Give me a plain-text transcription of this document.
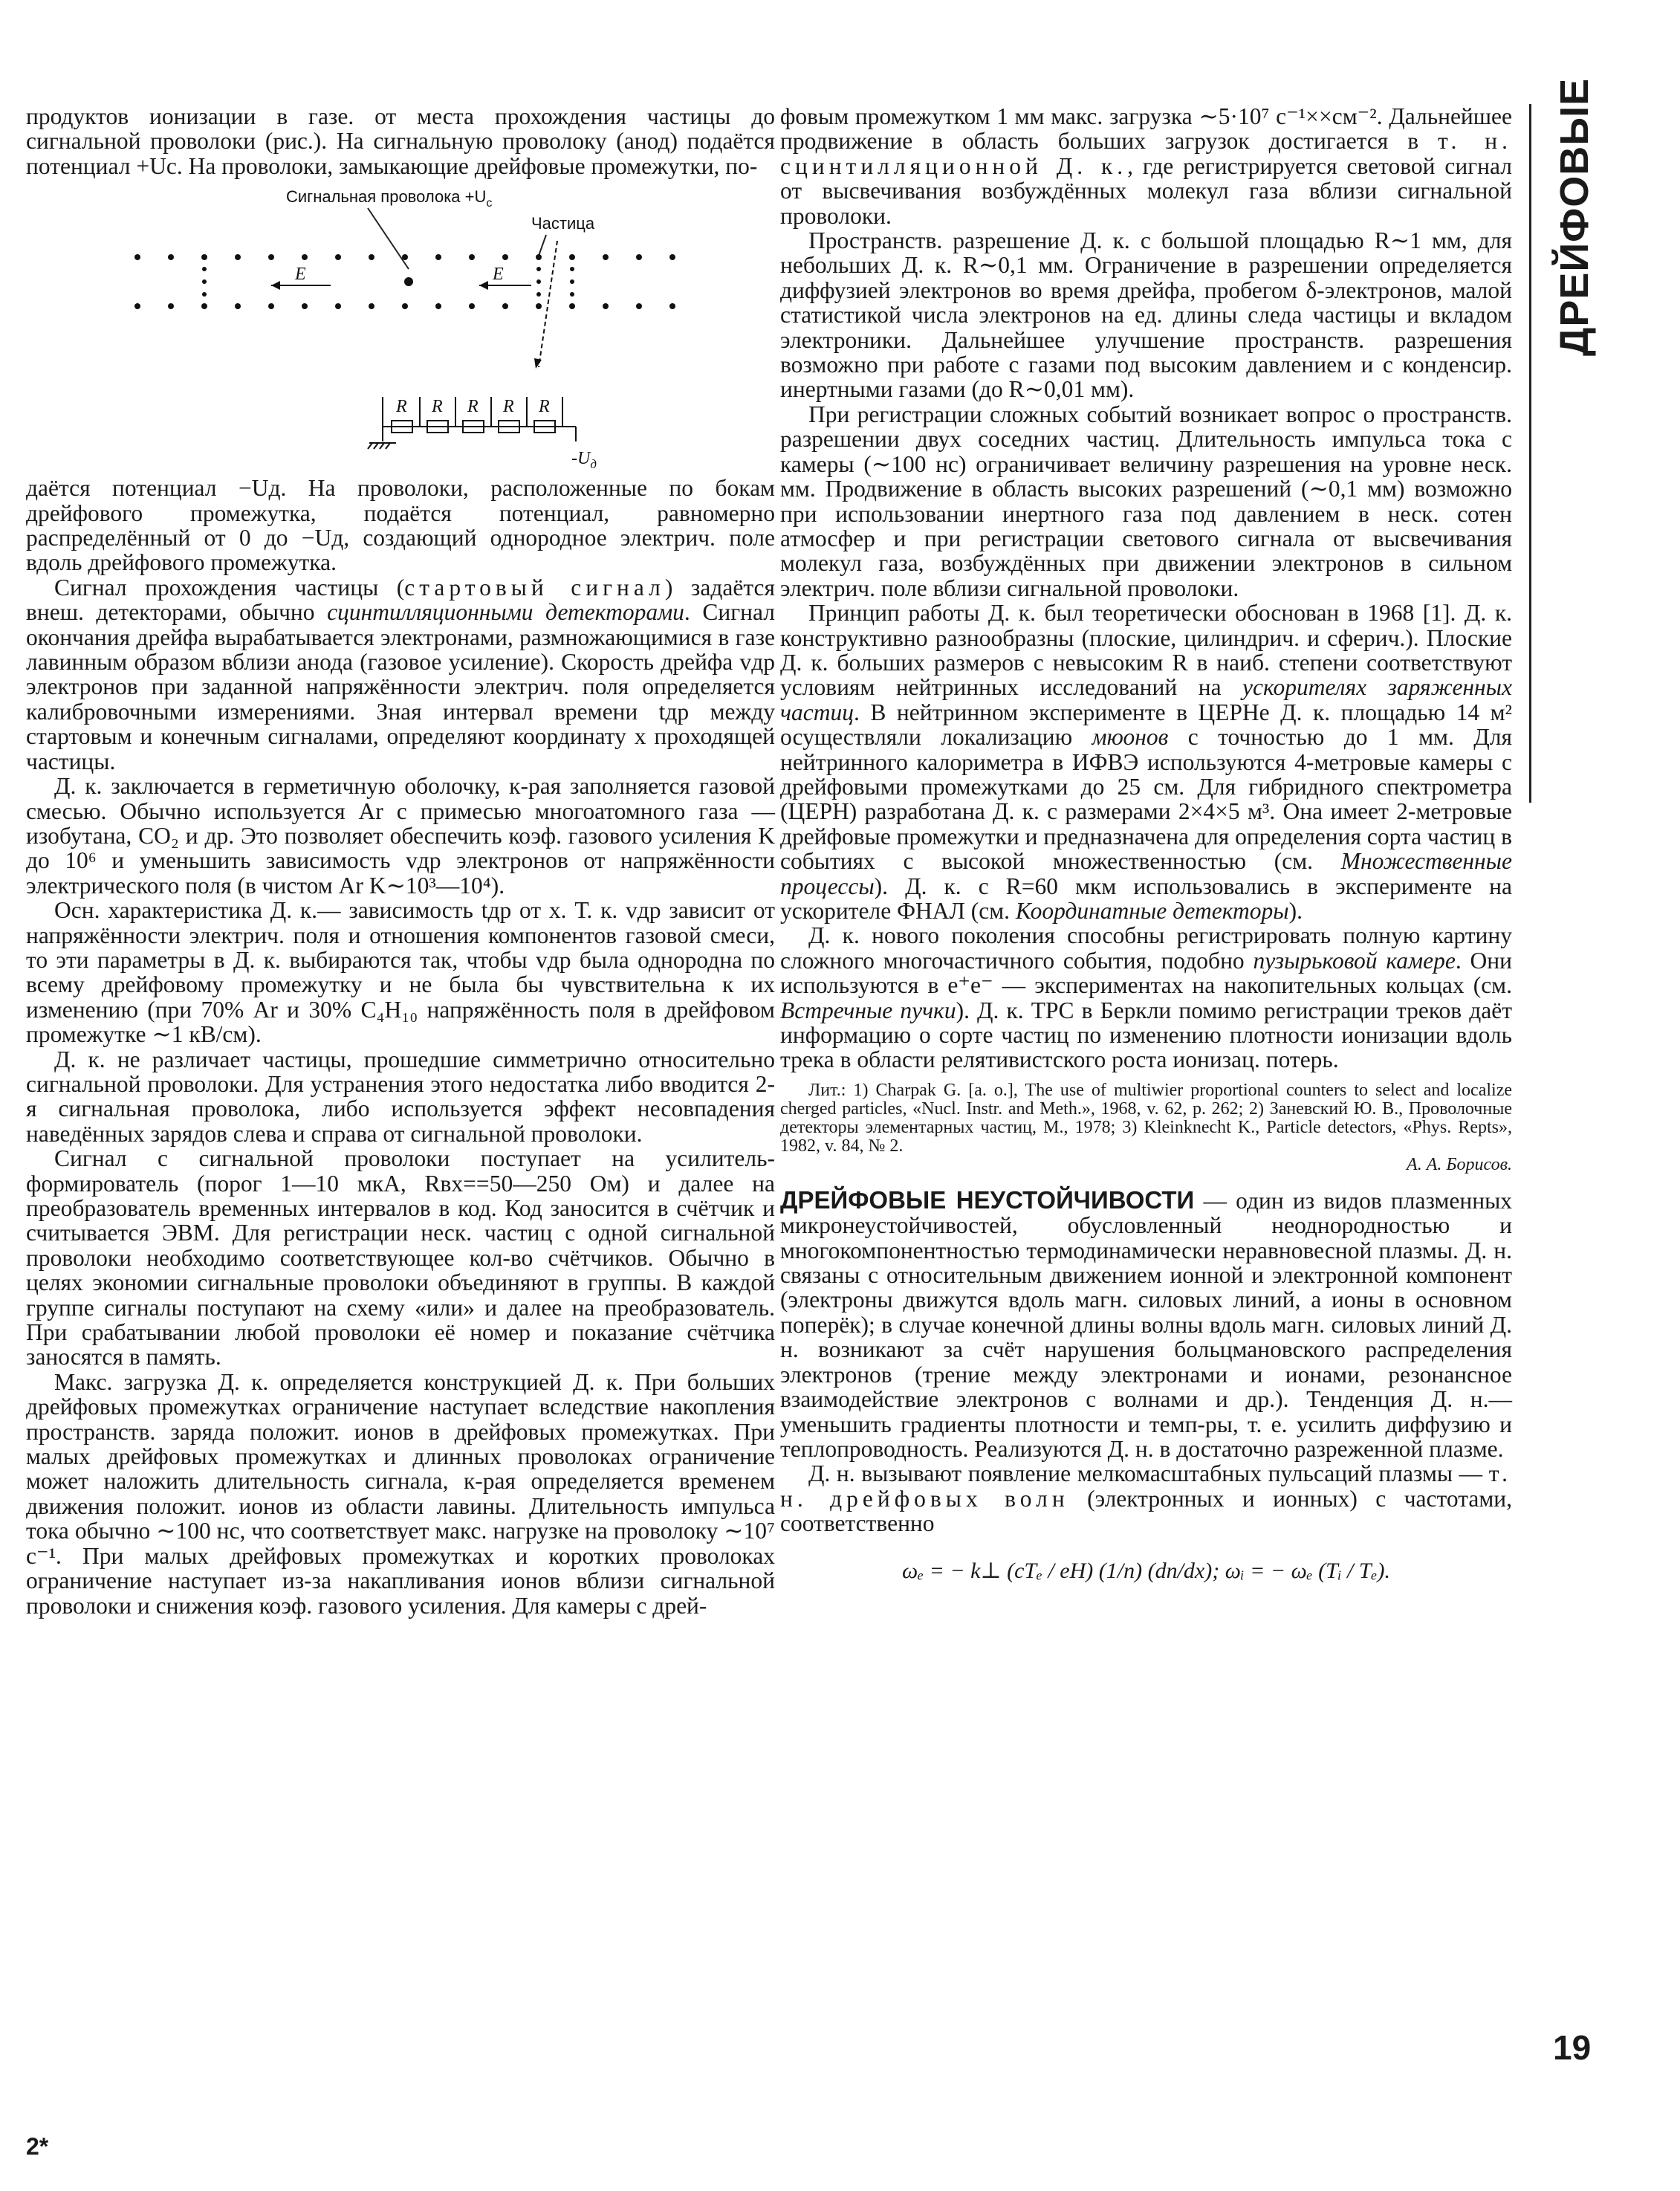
ДРЕЙФОВЫЕ

продуктов ионизации в газе. от места прохождения частицы до сигнальной проволоки (рис.). На сигнальную проволоку (анод) подаётся потенциал +Uс. На проволоки, замыкающие дрейфовые промежутки, по-

Сигнальная проволока $+U_c$
Частица
E	E
R R R R R
$-U_д$

даётся потенциал −Uд. На проволоки, расположенные по бокам дрейфового промежутка, подаётся потенциал, равномерно распределённый от 0 до −Uд, создающий однородное электрич. поле вдоль дрейфового промежутка.

Сигнал прохождения частицы (стартовый сигнал) задаётся внеш. детекторами, обычно сцинтилляционными детекторами. Сигнал окончания дрейфа вырабатывается электронами, размножающимися в газе лавинным образом вблизи анода (газовое усиление). Скорость дрейфа vдр электронов при заданной напряжённости электрич. поля определяется калибровочными измерениями. Зная интервал времени tдр между стартовым и конечным сигналами, определяют координату x проходящей частицы.

Д. к. заключается в герметичную оболочку, к-рая заполняется газовой смесью. Обычно используется Ar с примесью многоатомного газа — изобутана, CO₂ и др. Это позволяет обеспечить коэф. газового усиления K до 10⁶ и уменьшить зависимость vдр электронов от напряжённости электрического поля (в чистом Ar K∼10³—10⁴).

Осн. характеристика Д. к.— зависимость tдр от x. Т. к. vдр зависит от напряжённости электрич. поля и отношения компонентов газовой смеси, то эти параметры в Д. к. выбираются так, чтобы vдр была однородна по всему дрейфовому промежутку и не была бы чувствительна к их изменению (при 70% Ar и 30% C₄H₁₀ напряжённость поля в дрейфовом промежутке ∼1 кВ/см).

Д. к. не различает частицы, прошедшие симметрично относительно сигнальной проволоки. Для устранения этого недостатка либо вводится 2-я сигнальная проволока, либо используется эффект несовпадения наведённых зарядов слева и справа от сигнальной проволоки.

Сигнал с сигнальной проволоки поступает на усилитель-формирователь (порог 1—10 мкА, Rвх=​=50—250 Ом) и далее на преобразователь временных интервалов в код. Код заносится в счётчик и считывается ЭВМ. Для регистрации неск. частиц с одной сигнальной проволоки необходимо соответствующее кол-во счётчиков. Обычно в целях экономии сигнальные проволоки объединяют в группы. В каждой группе сигналы поступают на схему «или» и далее на преобразователь. При срабатывании любой проволоки её номер и показание счётчика заносятся в память.

Макс. загрузка Д. к. определяется конструкцией Д. к. При больших дрейфовых промежутках ограничение наступает вследствие накопления пространств. заряда положит. ионов в дрейфовых промежутках. При малых дрейфовых промежутках и длинных проволоках ограничение может наложить длительность сигнала, к-рая определяется временем движения положит. ионов из области лавины. Длительность импульса тока обычно ∼100 нс, что соответствует макс. нагрузке на проволоку ∼10⁷ с⁻¹. При малых дрейфовых промежутках и коротких проволоках ограничение наступает из-за накапливания ионов вблизи сигнальной проволоки и снижения коэф. газового усиления. Для камеры с дрей-

фовым промежутком 1 мм макс. загрузка ∼5·10⁷ с⁻¹××см⁻². Дальнейшее продвижение в область больших загрузок достигается в т. н. сцинтилляционной Д. к., где регистрируется световой сигнал от высвечивания возбуждённых молекул газа вблизи сигнальной проволоки.

Пространств. разрешение Д. к. с большой площадью R∼1 мм, для небольших Д. к. R∼0,1 мм. Ограничение в разрешении определяется диффузией электронов во время дрейфа, пробегом δ-электронов, малой статистикой числа электронов на ед. длины следа частицы и вкладом электроники. Дальнейшее улучшение пространств. разрешения возможно при работе с газами под высоким давлением и с конденсир. инертными газами (до R∼0,01 мм).

При регистрации сложных событий возникает вопрос о пространств. разрешении двух соседних частиц. Длительность импульса тока с камеры (∼100 нс) ограничивает величину разрешения на уровне неск. мм. Продвижение в область высоких разрешений (∼0,1 мм) возможно при использовании инертного газа под давлением в неск. сотен атмосфер и при регистрации светового сигнала от высвечивания молекул газа, возбуждённых при движении электронов в сильном электрич. поле вблизи сигнальной проволоки.

Принцип работы Д. к. был теоретически обоснован в 1968 [1]. Д. к. конструктивно разнообразны (плоские, цилиндрич. и сферич.). Плоские Д. к. больших размеров с невысоким R в наиб. степени соответствуют условиям нейтринных исследований на ускорителях заряженных частиц. В нейтринном эксперименте в ЦЕРНе Д. к. площадью 14 м² осуществляли локализацию мюонов с точностью до 1 мм. Для нейтринного калориметра в ИФВЭ используются 4-метровые камеры с дрейфовыми промежутками до 25 см. Для гибридного спектрометра (ЦЕРН) разработана Д. к. с размерами 2×4×5 м³. Она имеет 2-метровые дрейфовые промежутки и предназначена для определения сорта частиц в событиях с высокой множественностью (см. Множественные процессы). Д. к. с R=60 мкм использовались в эксперименте на ускорителе ФНАЛ (см. Координатные детекторы).

Д. к. нового поколения способны регистрировать полную картину сложного многочастичного события, подобно пузырьковой камере. Они используются в e⁺e⁻ — экспериментах на накопительных кольцах (см. Встречные пучки). Д. к. TPC в Беркли помимо регистрации треков даёт информацию о сорте частиц по изменению плотности ионизации вдоль трека в области релятивистского роста ионизац. потерь.

Лит.: 1) Charpak G. [a. o.], The use of multiwier proportional counters to select and localize cherged particles, «Nucl. Instr. and Meth.», 1968, v. 62, p. 262; 2) Заневский Ю. В., Проволочные детекторы элементарных частиц, М., 1978; 3) Kleinknecht K., Particle detectors, «Phys. Repts», 1982, v. 84, № 2.
А. А. Борисов.

ДРЕЙФОВЫЕ НЕУСТОЙЧИВОСТИ — один из видов плазменных микронеустойчивостей, обусловленный неоднородностью и многокомпонентностью термодинамически неравновесной плазмы. Д. н. связаны с относительным движением ионной и электронной компонент (электроны движутся вдоль магн. силовых линий, а ионы в основном поперёк); в случае конечной длины волны вдоль магн. силовых линий Д. н. возникают за счёт нарушения больцмановского распределения электронов (трение между электронами и ионами, резонансное взаимодействие электронов с волнами и др.). Тенденция Д. н.— уменьшить градиенты плотности и темп-ры, т. е. усилить диффузию и теплопроводность. Реализуются Д. н. в достаточно разреженной плазме.

Д. н. вызывают появление мелкомасштабных пульсаций плазмы — т. н. дрейфовых волн (электронных и ионных) с частотами, соответственно

ωₑ = − k⊥ (cTₑ / eH) (1/n) (dn/dx); ωᵢ = − ωₑ (Tᵢ / Tₑ).
19
2*
